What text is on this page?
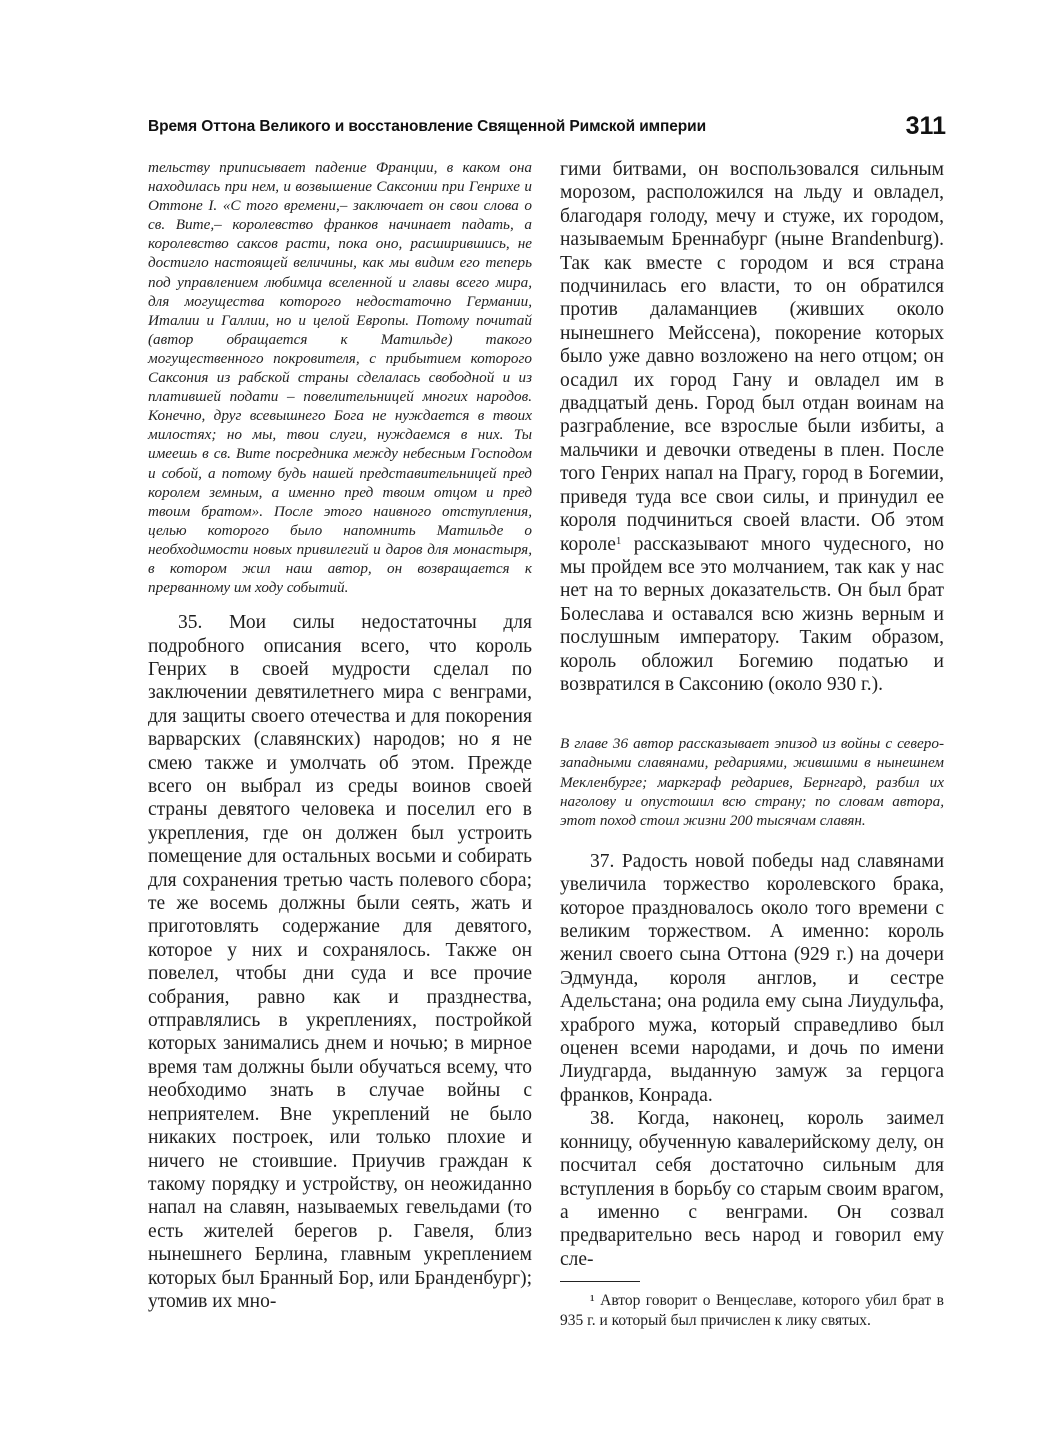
Время Оттона Великого и восстановление Священной Римской империи	311

тельству приписывает падение Франции, в каком она находилась при нем, и возвышение Саксонии при Генрихе и Оттоне I. «С того времени,– заключает он свои слова о св. Вите,– королевство франков начинает падать, а королевство саксов расти, пока оно, расширившись, не достигло настоящей величины, как мы видим его теперь под управлением любимца вселенной и главы всего мира, для могущества которого недостаточно Германии, Италии и Галлии, но и целой Европы. Потому почитай (автор обращается к Матильде) такого могущественного покровителя, с прибытием которого Саксония из рабской страны сделалась свободной и из платившей подати – повелительницей многих народов. Конечно, друг всевышнего Бога не нуждается в твоих милостях; но мы, твои слуги, нуждаемся в них. Ты имеешь в св. Вите посредника между небесным Господом и собой, а потому будь нашей представительницей пред королем земным, а именно пред твоим отцом и пред твоим братом». После этого наивного отступления, целью которого было напомнить Матильде о необходимости новых привилегий и даров для монастыря, в котором жил наш автор, он возвращается к прерванному им ходу событий.

35. Мои силы недостаточны для подробного описания всего, что король Генрих в своей мудрости сделал по заключении девятилетнего мира с венграми, для защиты своего отечества и для покорения варварских (славянских) народов; но я не смею также и умолчать об этом. Прежде всего он выбрал из среды воинов своей страны девятого человека и поселил его в укрепления, где он должен был устроить помещение для остальных восьми и собирать для сохранения третью часть полевого сбора; те же восемь должны были сеять, жать и приготовлять содержание для девятого, которое у них и сохранялось. Также он повелел, чтобы дни суда и все прочие собрания, равно как и празднества, отправлялись в укреплениях, постройкой которых занимались днем и ночью; в мирное время там должны были обучаться всему, что необходимо знать в случае войны с неприятелем. Вне укреплений не было никаких построек, или только плохие и ничего не стоившие. Приучив граждан к такому порядку и устройству, он неожиданно напал на славян, называемых гевельдами (то есть жителей берегов р. Гавеля, близ нынешнего Берлина, главным укреплением которых был Бранный Бор, или Бранденбург); утомив их мно-

гими битвами, он воспользовался сильным морозом, расположился на льду и овладел, благодаря голоду, мечу и стуже, их городом, называемым Бреннабург (ныне Brandenburg). Так как вместе с городом и вся страна подчинилась его власти, то он обратился против даламанциев (живших около нынешнего Мейссена), покорение которых было уже давно возложено на него отцом; он осадил их город Гану и овладел им в двадцатый день. Город был отдан воинам на разграбление, все взрослые были избиты, а мальчики и девочки отведены в плен. После того Генрих напал на Прагу, город в Богемии, приведя туда все свои силы, и принудил ее короля подчиниться своей власти. Об этом короле$^1$ рассказывают много чудесного, но мы пройдем все это молчанием, так как у нас нет на то верных доказательств. Он был брат Болеслава и оставался всю жизнь верным и послушным императору. Таким образом, король обложил Богемию податью и возвратился в Саксонию (около 930 г.).

В главе 36 автор рассказывает эпизод из войны с северо-западными славянами, редариями, жившими в нынешнем Мекленбурге; маркграф редариев, Бернгард, разбил их наголову и опустошил всю страну; по словам автора, этот поход стоил жизни 200 тысячам славян.

37. Радость новой победы над славянами увеличила торжество королевского брака, которое праздновалось около того времени с великим торжеством. А именно: король женил своего сына Оттона (929 г.) на дочери Эдмунда, короля англов, и сестре Адельстана; она родила ему сына Лиудульфа, храброго мужа, который справедливо был оценен всеми народами, и дочь по имени Лиудгарда, выданную замуж за герцога франков, Конрада.

38. Когда, наконец, король заимел конницу, обученную кавалерийскому делу, он посчитал себя достаточно сильным для вступления в борьбу со старым своим врагом, а именно с венграми. Он созвал предварительно весь народ и говорил ему сле-

¹ Автор говорит о Венцеславе, которого убил брат в 935 г. и который был причислен к лику святых.
